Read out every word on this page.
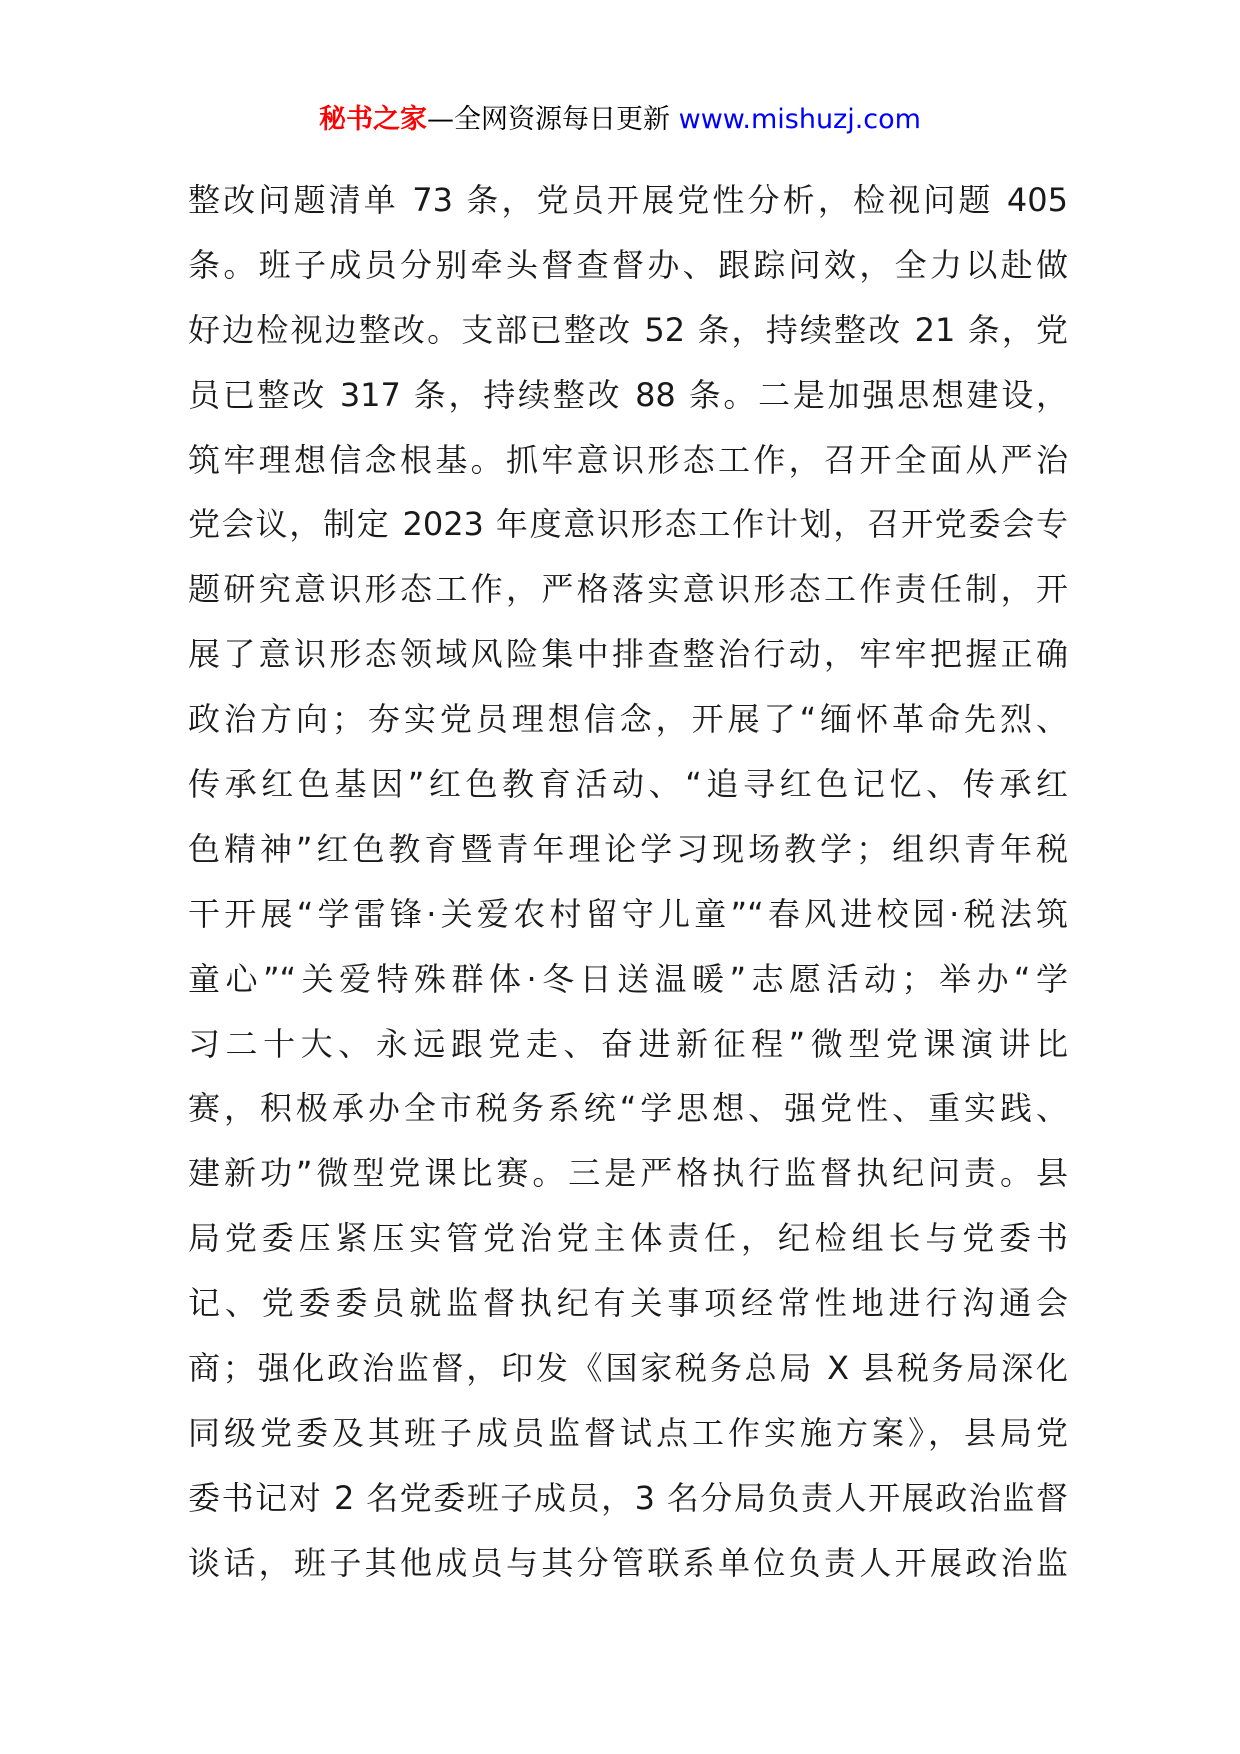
秘书之家—全网资源每日更新 www.mishuzj.com
整改问题清单 73 条，党员开展党性分析，检视问题 405
条。班子成员分别牵头督查督办、跟踪问效，全力以赴做
好边检视边整改。支部已整改 52 条，持续整改 21 条，党
员已整改 317 条，持续整改 88 条。二是加强思想建设，
筑牢理想信念根基。抓牢意识形态工作，召开全面从严治
党会议，制定 2023 年度意识形态工作计划，召开党委会专
题研究意识形态工作，严格落实意识形态工作责任制，开
展了意识形态领域风险集中排查整治行动，牢牢把握正确
政治方向；夯实党员理想信念，开展了“缅怀革命先烈、
传承红色基因”红色教育活动、“追寻红色记忆、传承红
色精神”红色教育暨青年理论学习现场教学；组织青年税
干开展“学雷锋·关爱农村留守儿童”“春风进校园·税法筑
童心”“关爱特殊群体·冬日送温暖”志愿活动；举办“学
习二十大、永远跟党走、奋进新征程”微型党课演讲比
赛，积极承办全市税务系统“学思想、强党性、重实践、
建新功”微型党课比赛。三是严格执行监督执纪问责。县
局党委压紧压实管党治党主体责任，纪检组长与党委书
记、党委委员就监督执纪有关事项经常性地进行沟通会
商；强化政治监督，印发《国家税务总局 X 县税务局深化
同级党委及其班子成员监督试点工作实施方案》，县局党
委书记对 2 名党委班子成员，3 名分局负责人开展政治监督
谈话，班子其他成员与其分管联系单位负责人开展政治监
